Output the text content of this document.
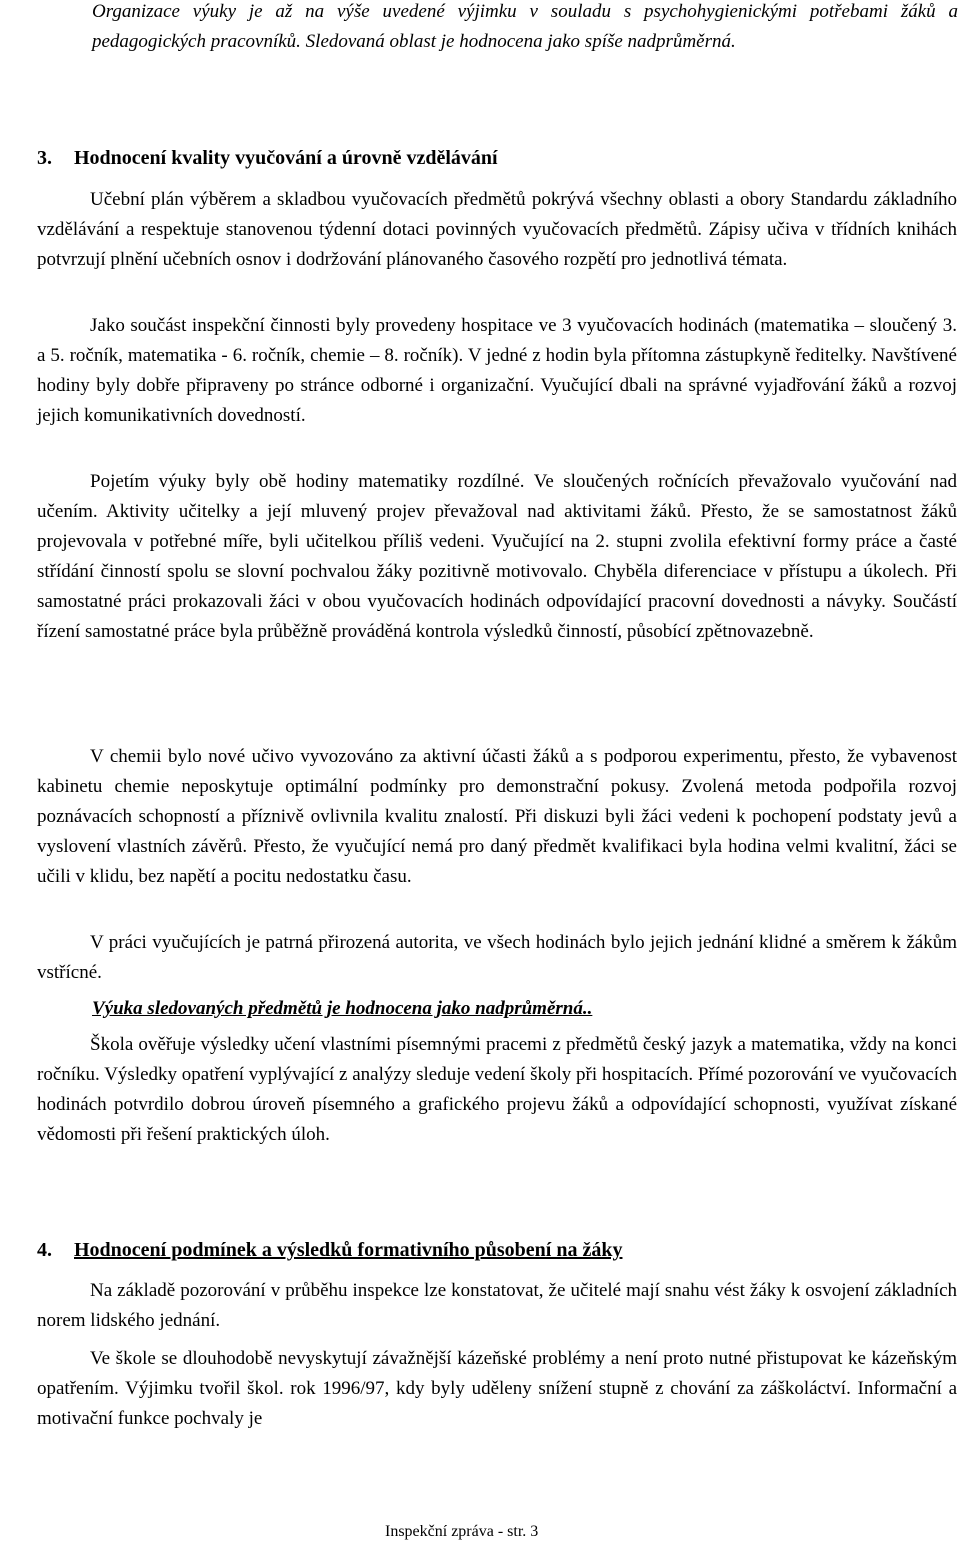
Organizace výuky je až na výše uvedené výjimku v souladu s psychohygienickými potřebami žáků a pedagogických pracovníků. Sledovaná oblast je hodnocena jako spíše nadprůměrná.
3. Hodnocení kvality vyučování a úrovně vzdělávání
Učební plán výběrem a skladbou vyučovacích předmětů pokrývá všechny oblasti a obory Standardu základního vzdělávání a respektuje stanovenou týdenní dotaci povinných vyučovacích předmětů. Zápisy učiva v třídních knihách potvrzují plnění učebních osnov i dodržování plánovaného časového rozpětí pro jednotlivá témata.
Jako součást inspekční činnosti byly provedeny hospitace ve 3 vyučovacích hodinách (matematika – sloučený 3. a 5. ročník, matematika - 6. ročník, chemie – 8. ročník). V jedné z hodin byla přítomna zástupkyně ředitelky. Navštívené hodiny byly dobře připraveny po stránce odborné i organizační. Vyučující dbali na správné vyjadřování žáků a rozvoj jejich komunikativních dovedností.
Pojetím výuky byly obě hodiny matematiky rozdílné. Ve sloučených ročnících převažovalo vyučování nad učením. Aktivity učitelky a její mluvený projev převažoval nad aktivitami žáků. Přesto, že se samostatnost žáků projevovala v potřebné míře, byli učitelkou příliš vedeni. Vyučující na 2. stupni zvolila efektivní formy práce a časté střídání činností spolu se slovní pochvalou žáky pozitivně motivovalo. Chyběla diferenciace v přístupu a úkolech. Při samostatné práci prokazovali žáci v obou vyučovacích hodinách odpovídající pracovní dovednosti a návyky. Součástí řízení samostatné práce byla průběžně prováděná kontrola výsledků činností, působící zpětnovazebně.
V chemii bylo nové učivo vyvozováno za aktivní účasti žáků a s podporou experimentu, přesto, že vybavenost kabinetu chemie neposkytuje optimální podmínky pro demonstrační pokusy. Zvolená metoda podpořila rozvoj poznávacích schopností a příznivě ovlivnila kvalitu znalostí. Při diskuzi byli žáci vedeni k pochopení podstaty jevů a vyslovení vlastních závěrů. Přesto, že vyučující nemá pro daný předmět kvalifikaci byla hodina velmi kvalitní, žáci se učili v klidu, bez napětí a pocitu nedostatku času.
V práci vyučujících je patrná přirozená autorita, ve všech hodinách bylo jejich jednání klidné a směrem k žákům vstřícné.
Výuka sledovaných předmětů je hodnocena jako nadprůměrná..
Škola ověřuje výsledky učení vlastními písemnými pracemi z předmětů český jazyk a matematika, vždy na konci ročníku. Výsledky opatření vyplývající z analýzy sleduje vedení školy při hospitacích. Přímé pozorování ve vyučovacích hodinách potvrdilo dobrou úroveň písemného a grafického projevu žáků a odpovídající schopnosti, využívat získané vědomosti při řešení praktických úloh.
4. Hodnocení podmínek a výsledků formativního působení na žáky
Na základě pozorování v průběhu inspekce lze konstatovat, že učitelé mají snahu vést žáky k osvojení základních norem lidského jednání.
Ve škole se dlouhodobě nevyskytují závažnější kázeňské problémy a není proto nutné přistupovat ke kázeňským opatřením. Výjimku tvořil škol. rok 1996/97, kdy byly uděleny snížení stupně z chování za záškoláctví. Informační a motivační funkce pochvaly je
Inspekční zpráva - str. 3
